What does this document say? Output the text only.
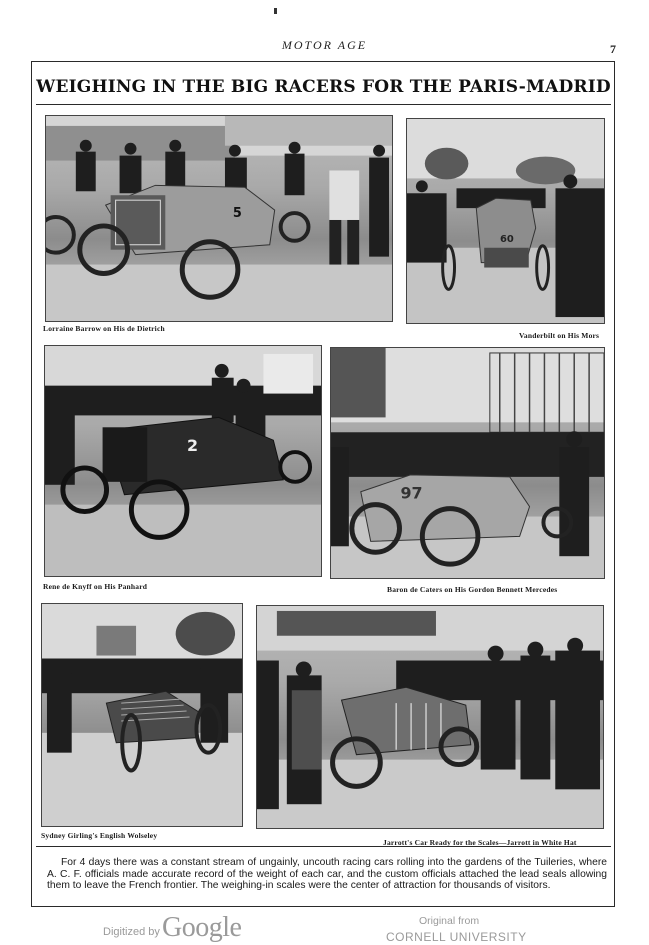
MOTOR AGE	7
WEIGHING IN THE BIG RACERS FOR THE PARIS-MADRID
5
Lorraine Barrow on His de Dietrich
60
Vanderbilt on His Mors
2
Rene de Knyff on His Panhard
97
Baron de Caters on His Gordon Bennett Mercedes
Sydney Girling's English Wolseley
Jarrott's Car Ready for the Scales—Jarrott in White Hat
For 4 days there was a constant stream of ungainly, uncouth racing cars rolling into the gardens of the Tuileries, where A. C. F. officials made accurate record of the weight of each car, and the custom officials attached the lead seals allowing them to leave the French frontier. The weighing-in scales were the center of attraction for thousands of visitors.
Digitized by Google	Original from
CORNELL UNIVERSITY
